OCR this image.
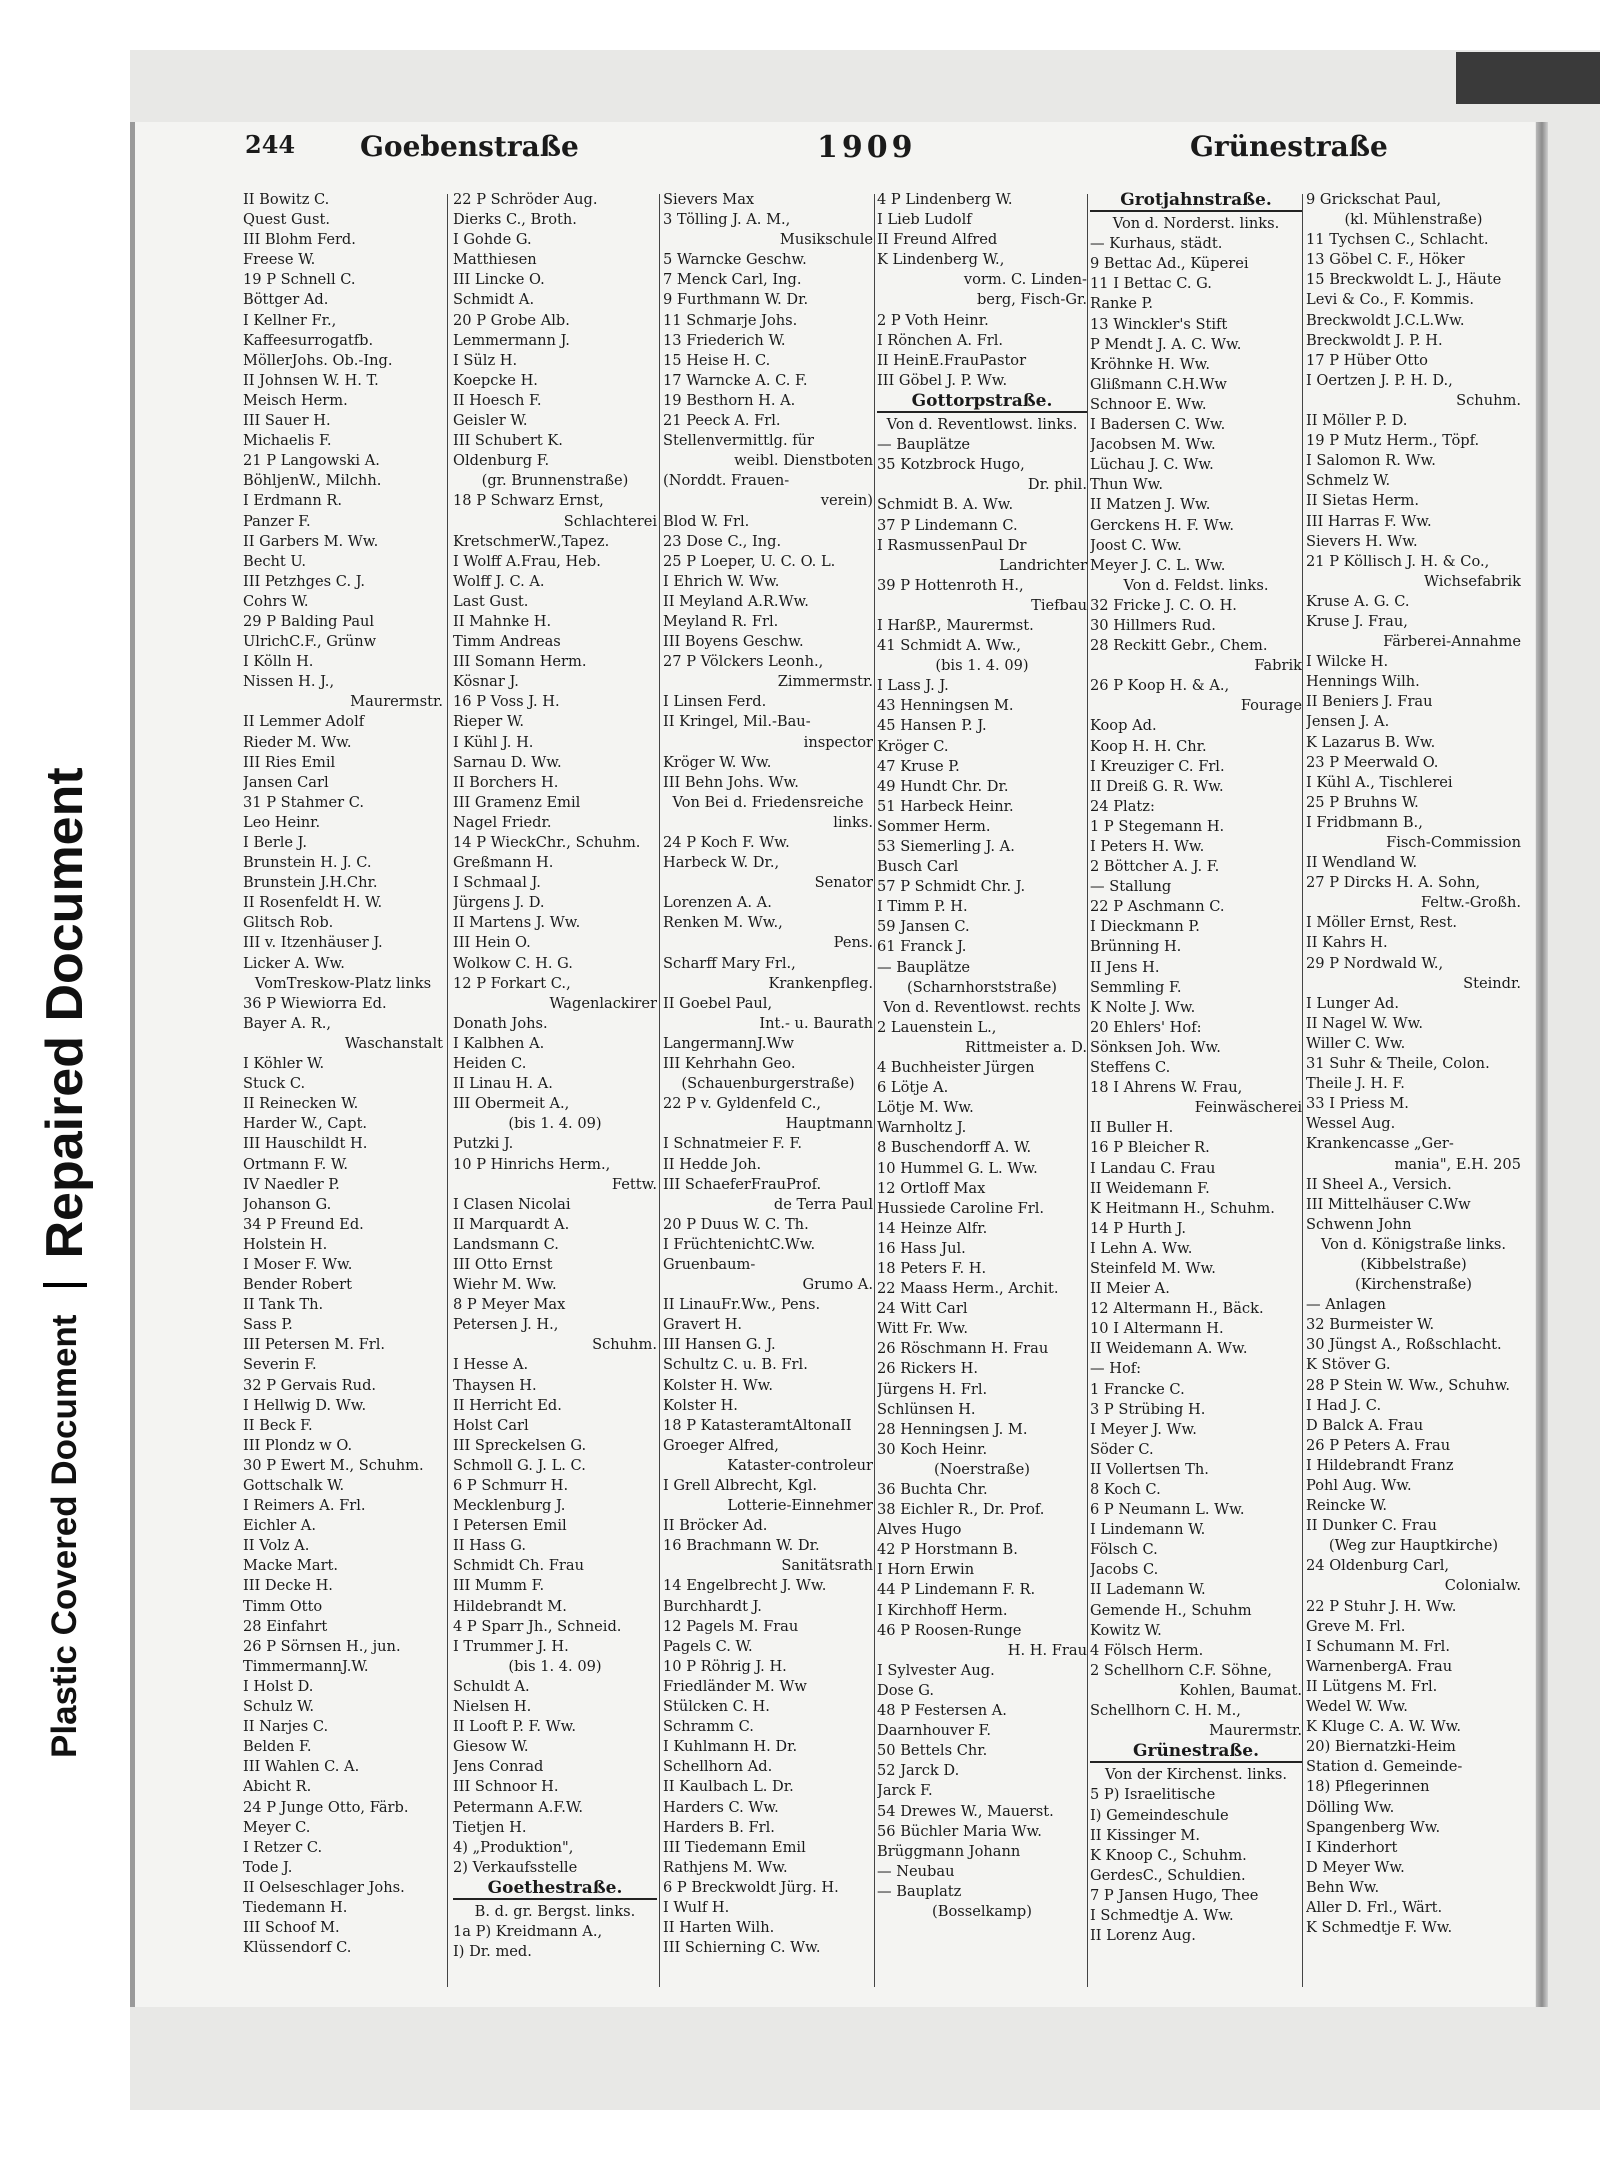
Plastic Covered Document
Repaired Document
244 Goebenstraße	1909	Grünestraße
II Bowitz C.
Quest Gust.
III Blohm Ferd.
Freese W.
19 P Schnell C.
Böttger Ad.
I Kellner Fr.,
Kaffeesurrogatfb.
MöllerJohs. Ob.-Ing.
II Johnsen W. H. T.
Meisch Herm.
III Sauer H.
Michaelis F.
21 P Langowski A.
BöhljenW., Milchh.
I Erdmann R.
Panzer F.
II Garbers M. Ww.
Becht U.
III Petzhges C. J.
Cohrs W.
29 P Balding Paul
UlrichC.F., Grünw
I Kölln H.
Nissen H. J.,
Maurermstr.
II Lemmer Adolf
Rieder M. Ww.
III Ries Emil
Jansen Carl
31 P Stahmer C.
Leo Heinr.
I Berle J.
Brunstein H. J. C.
Brunstein J.H.Chr.
II Rosenfeldt H. W.
Glitsch Rob.
III v. Itzenhäuser J.
Licker A. Ww.
VomTreskow-Platz links
36 P Wiewiorra Ed.
Bayer A. R.,
Waschanstalt
I Köhler W.
Stuck C.
II Reinecken W.
Harder W., Capt.
III Hauschildt H.
Ortmann F. W.
IV Naedler P.
Johanson G.
34 P Freund Ed.
Holstein H.
I Moser F. Ww.
Bender Robert
II Tank Th.
Sass P.
III Petersen M. Frl.
Severin F.
32 P Gervais Rud.
I Hellwig D. Ww.
II Beck F.
III Plondz w O.
30 P Ewert M., Schuhm.
Gottschalk W.
I Reimers A. Frl.
Eichler A.
II Volz A.
Macke Mart.
III Decke H.
Timm Otto
28 Einfahrt
26 P Sörnsen H., jun.
TimmermannJ.W.
I Holst D.
Schulz W.
II Narjes C.
Belden F.
III Wahlen C. A.
Abicht R.
24 P Junge Otto, Färb.
Meyer C.
I Retzer C.
Tode J.
II Oelseschlager Johs.
Tiedemann H.
III Schoof M.
Klüssendorf C.
22 P Schröder Aug.
Dierks C., Broth.
I Gohde G.
Matthiesen
III Lincke O.
Schmidt A.
20 P Grobe Alb.
Lemmermann J.
I Sülz H.
Koepcke H.
II Hoesch F.
Geisler W.
III Schubert K.
Oldenburg F.
(gr. Brunnenstraße)
18 P Schwarz Ernst,
Schlachterei
KretschmerW.,Tapez.
I Wolff A.Frau, Heb.
Wolff J. C. A.
Last Gust.
II Mahnke H.
Timm Andreas
III Somann Herm.
Kösnar J.
16 P Voss J. H.
Rieper W.
I Kühl J. H.
Sarnau D. Ww.
II Borchers H.
III Gramenz Emil
Nagel Friedr.
14 P WieckChr., Schuhm.
Greßmann H.
I Schmaal J.
Jürgens J. D.
II Martens J. Ww.
III Hein O.
Wolkow C. H. G.
12 P Forkart C.,
Wagenlackirer
Donath Johs.
I Kalbhen A.
Heiden C.
II Linau H. A.
III Obermeit A.,
(bis 1. 4. 09)
Putzki J.
10 P Hinrichs Herm.,
Fettw.
I Clasen Nicolai
II Marquardt A.
Landsmann C.
III Otto Ernst
Wiehr M. Ww.
8 P Meyer Max
Petersen J. H.,
Schuhm.
I Hesse A.
Thaysen H.
II Herricht Ed.
Holst Carl
III Spreckelsen G.
Schmoll G. J. L. C.
6 P Schmurr H.
Mecklenburg J.
I Petersen Emil
II Hass G.
Schmidt Ch. Frau
III Mumm F.
Hildebrandt M.
4 P Sparr Jh., Schneid.
I Trummer J. H.
(bis 1. 4. 09)
Schuldt A.
Nielsen H.
II Looft P. F. Ww.
Giesow W.
Jens Conrad
III Schnoor H.
Petermann A.F.W.
Tietjen H.
4) „Produktion",
2) Verkaufsstelle
Goethestraße.
B. d. gr. Bergst. links.
1a P) Kreidmann A.,
I) Dr. med.
Sievers Max
3 Tölling J. A. M.,
Musikschule
5 Warncke Geschw.
7 Menck Carl, Ing.
9 Furthmann W. Dr.
11 Schmarje Johs.
13 Friederich W.
15 Heise H. C.
17 Warncke A. C. F.
19 Besthorn H. A.
21 Peeck A. Frl.
Stellenvermittlg. für
weibl. Dienstboten
(Norddt. Frauen-
verein)
Blod W. Frl.
23 Dose C., Ing.
25 P Loeper, U. C. O. L.
I Ehrich W. Ww.
II Meyland A.R.Ww.
Meyland R. Frl.
III Boyens Geschw.
27 P Völckers Leonh.,
Zimmermstr.
I Linsen Ferd.
II Kringel, Mil.-Bau-
inspector
Kröger W. Ww.
III Behn Johs. Ww.
Von Bei d. Friedensreiche
links.
24 P Koch F. Ww.
Harbeck W. Dr.,
Senator
Lorenzen A. A.
Renken M. Ww.,
Pens.
Scharff Mary Frl.,
Krankenpfleg.
II Goebel Paul,
Int.- u. Baurath
LangermannJ.Ww
III Kehrhahn Geo.
(Schauenburgerstraße)
22 P v. Gyldenfeld C.,
Hauptmann
I Schnatmeier F. F.
II Hedde Joh.
III SchaeferFrauProf.
de Terra Paul
20 P Duus W. C. Th.
I FrüchtenichtC.Ww.
Gruenbaum-
Grumo A.
II LinauFr.Ww., Pens.
Gravert H.
III Hansen G. J.
Schultz C. u. B. Frl.
Kolster H. Ww.
Kolster H.
18 P KatasteramtAltonaII
Groeger Alfred,
Kataster-controleur
I Grell Albrecht, Kgl.
Lotterie-Einnehmer
II Bröcker Ad.
16 Brachmann W. Dr.
Sanitätsrath
14 Engelbrecht J. Ww.
Burchhardt J.
12 Pagels M. Frau
Pagels C. W.
10 P Röhrig J. H.
Friedländer M. Ww
Stülcken C. H.
Schramm C.
I Kuhlmann H. Dr.
Schellhorn Ad.
II Kaulbach L. Dr.
Harders C. Ww.
Harders B. Frl.
III Tiedemann Emil
Rathjens M. Ww.
6 P Breckwoldt Jürg. H.
I Wulf H.
II Harten Wilh.
III Schierning C. Ww.
4 P Lindenberg W.
I Lieb Ludolf
II Freund Alfred
K Lindenberg W.,
vorm. C. Linden-
berg, Fisch-Gr.
2 P Voth Heinr.
I Rönchen A. Frl.
II HeinE.FrauPastor
III Göbel J. P. Ww.
Gottorpstraße.
Von d. Reventlowst. links.
— Bauplätze
35 Kotzbrock Hugo,
Dr. phil.
Schmidt B. A. Ww.
37 P Lindemann C.
I RasmussenPaul Dr
Landrichter
39 P Hottenroth H.,
Tiefbau
I HarßP., Maurermst.
41 Schmidt A. Ww.,
(bis 1. 4. 09)
I Lass J. J.
43 Henningsen M.
45 Hansen P. J.
Kröger C.
47 Kruse P.
49 Hundt Chr. Dr.
51 Harbeck Heinr.
Sommer Herm.
53 Siemerling J. A.
Busch Carl
57 P Schmidt Chr. J.
I Timm P. H.
59 Jansen C.
61 Franck J.
— Bauplätze
(Scharnhorststraße)
Von d. Reventlowst. rechts
2 Lauenstein L.,
Rittmeister a. D.
4 Buchheister Jürgen
6 Lötje A.
Lötje M. Ww.
Warnholtz J.
8 Buschendorff A. W.
10 Hummel G. L. Ww.
12 Ortloff Max
Hussiede Caroline Frl.
14 Heinze Alfr.
16 Hass Jul.
18 Peters F. H.
22 Maass Herm., Archit.
24 Witt Carl
Witt Fr. Ww.
26 Röschmann H. Frau
26 Rickers H.
Jürgens H. Frl.
Schlünsen H.
28 Henningsen J. M.
30 Koch Heinr.
(Noerstraße)
36 Buchta Chr.
38 Eichler R., Dr. Prof.
Alves Hugo
42 P Horstmann B.
I Horn Erwin
44 P Lindemann F. R.
I Kirchhoff Herm.
46 P Roosen-Runge
H. H. Frau
I Sylvester Aug.
Dose G.
48 P Festersen A.
Daarnhouver F.
50 Bettels Chr.
52 Jarck D.
Jarck F.
54 Drewes W., Mauerst.
56 Büchler Maria Ww.
Brüggmann Johann
— Neubau
— Bauplatz
(Bosselkamp)
Grotjahnstraße.
Von d. Norderst. links.
— Kurhaus, städt.
9 Bettac Ad., Küperei
11 I Bettac C. G.
Ranke P.
13 Winckler's Stift
P Mendt J. A. C. Ww.
Kröhnke H. Ww.
Glißmann C.H.Ww
Schnoor E. Ww.
I Badersen C. Ww.
Jacobsen M. Ww.
Lüchau J. C. Ww.
Thun Ww.
II Matzen J. Ww.
Gerckens H. F. Ww.
Joost C. Ww.
Meyer J. C. L. Ww.
Von d. Feldst. links.
32 Fricke J. C. O. H.
30 Hillmers Rud.
28 Reckitt Gebr., Chem.
Fabrik
26 P Koop H. & A.,
Fourage
Koop Ad.
Koop H. H. Chr.
I Kreuziger C. Frl.
II Dreiß G. R. Ww.
24 Platz:
1 P Stegemann H.
I Peters H. Ww.
2 Böttcher A. J. F.
— Stallung
22 P Aschmann C.
I Dieckmann P.
Brünning H.
II Jens H.
Semmling F.
K Nolte J. Ww.
20 Ehlers' Hof:
Sönksen Joh. Ww.
Steffens C.
18 I Ahrens W. Frau,
Feinwäscherei
II Buller H.
16 P Bleicher R.
I Landau C. Frau
II Weidemann F.
K Heitmann H., Schuhm.
14 P Hurth J.
I Lehn A. Ww.
Steinfeld M. Ww.
II Meier A.
12 Altermann H., Bäck.
10 I Altermann H.
II Weidemann A. Ww.
— Hof:
1 Francke C.
3 P Strübing H.
I Meyer J. Ww.
Söder C.
II Vollertsen Th.
8 Koch C.
6 P Neumann L. Ww.
I Lindemann W.
Fölsch C.
Jacobs C.
II Lademann W.
Gemende H., Schuhm
Kowitz W.
4 Fölsch Herm.
2 Schellhorn C.F. Söhne,
Kohlen, Baumat.
Schellhorn C. H. M.,
Maurermstr.
Grünestraße.
Von der Kirchenst. links.
5 P) Israelitische
I) Gemeindeschule
II Kissinger M.
K Knoop C., Schuhm.
GerdesC., Schuldien.
7 P Jansen Hugo, Thee
I Schmedtje A. Ww.
II Lorenz Aug.
9 Grickschat Paul,
(kl. Mühlenstraße)
11 Tychsen C., Schlacht.
13 Göbel C. F., Höker
15 Breckwoldt L. J., Häute
Levi & Co., F. Kommis.
Breckwoldt J.C.L.Ww.
Breckwoldt J. P. H.
17 P Hüber Otto
I Oertzen J. P. H. D.,
Schuhm.
II Möller P. D.
19 P Mutz Herm., Töpf.
I Salomon R. Ww.
Schmelz W.
II Sietas Herm.
III Harras F. Ww.
Sievers H. Ww.
21 P Köllisch J. H. & Co.,
Wichsefabrik
Kruse A. G. C.
Kruse J. Frau,
Färberei-Annahme
I Wilcke H.
Hennings Wilh.
II Beniers J. Frau
Jensen J. A.
K Lazarus B. Ww.
23 P Meerwald O.
I Kühl A., Tischlerei
25 P Bruhns W.
I Fridbmann B.,
Fisch-Commission
II Wendland W.
27 P Dircks H. A. Sohn,
Feltw.-Großh.
I Möller Ernst, Rest.
II Kahrs H.
29 P Nordwald W.,
Steindr.
I Lunger Ad.
II Nagel W. Ww.
Willer C. Ww.
31 Suhr & Theile, Colon.
Theile J. H. F.
33 I Priess M.
Wessel Aug.
Krankencasse „Ger-
mania", E.H. 205
II Sheel A., Versich.
III Mittelhäuser C.Ww
Schwenn John
Von d. Königstraße links.
(Kibbelstraße)
(Kirchenstraße)
— Anlagen
32 Burmeister W.
30 Jüngst A., Roßschlacht.
K Stöver G.
28 P Stein W. Ww., Schuhw.
I Had J. C.
D Balck A. Frau
26 P Peters A. Frau
I Hildebrandt Franz
Pohl Aug. Ww.
Reincke W.
II Dunker C. Frau
(Weg zur Hauptkirche)
24 Oldenburg Carl,
Colonialw.
22 P Stuhr J. H. Ww.
Greve M. Frl.
I Schumann M. Frl.
WarnenbergA. Frau
II Lütgens M. Frl.
Wedel W. Ww.
K Kluge C. A. W. Ww.
20) Biernatzki-Heim
Station d. Gemeinde-
18) Pflegerinnen
Dölling Ww.
Spangenberg Ww.
I Kinderhort
D Meyer Ww.
Behn Ww.
Aller D. Frl., Wärt.
K Schmedtje F. Ww.
